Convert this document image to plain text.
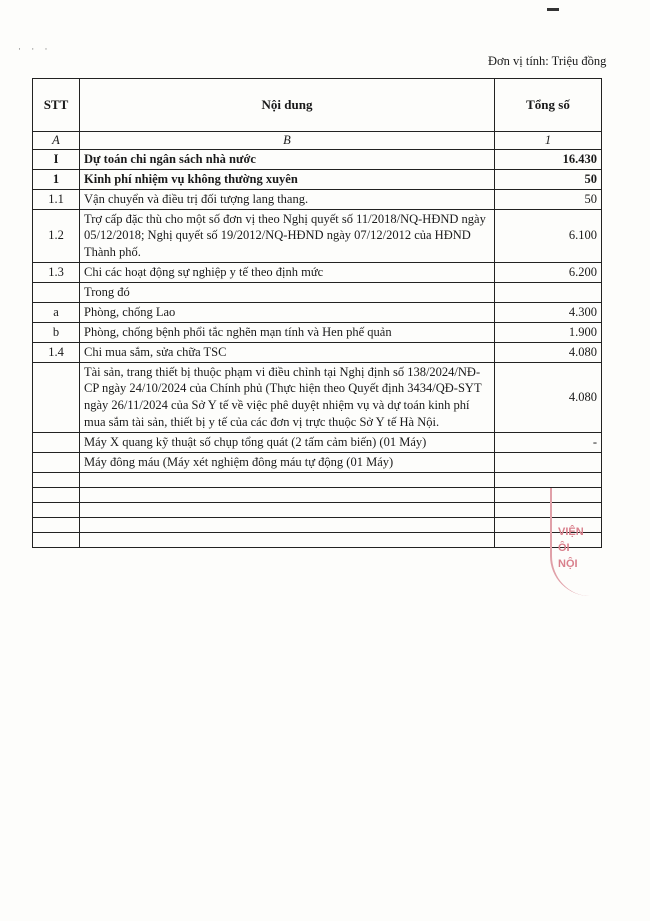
· · ·
Đơn vị tính: Triệu đồng
STT	Nội dung	Tổng số
A	B	1
I	Dự toán chi ngân sách nhà nước	16.430
1	Kinh phí nhiệm vụ không thường xuyên	50
1.1	Vận chuyển và điều trị đối tượng lang thang.	50
1.2	Trợ cấp đặc thù cho một số đơn vị theo Nghị quyết số 11/2018/NQ-HĐND ngày 05/12/2018; Nghị quyết số 19/2012/NQ-HĐND ngày 07/12/2012 của HĐND Thành phố.	6.100
1.3	Chi các hoạt động sự nghiệp y tế theo định mức	6.200
	Trong đó	
a	Phòng, chống Lao	4.300
b	Phòng, chống bệnh phổi tắc nghẽn mạn tính và Hen phế quản	1.900
1.4	Chi mua sắm, sửa chữa TSC	4.080
	Tài sản, trang thiết bị thuộc phạm vi điều chỉnh tại Nghị định số 138/2024/NĐ-CP ngày 24/10/2024 của Chính phủ (Thực hiện theo Quyết định 3434/QĐ-SYT ngày 26/11/2024 của Sở Y tế về việc phê duyệt nhiệm vụ và dự toán kinh phí mua sắm tài sản, thiết bị y tế của các đơn vị trực thuộc Sở Y tế Hà Nội.	4.080
	Máy X quang kỹ thuật số chụp tổng quát (2 tấm cảm biến) (01 Máy)	-
	Máy đông máu (Máy xét nghiệm đông máu tự động (01 Máy)	

VIỆN
ÔI
NỘI
